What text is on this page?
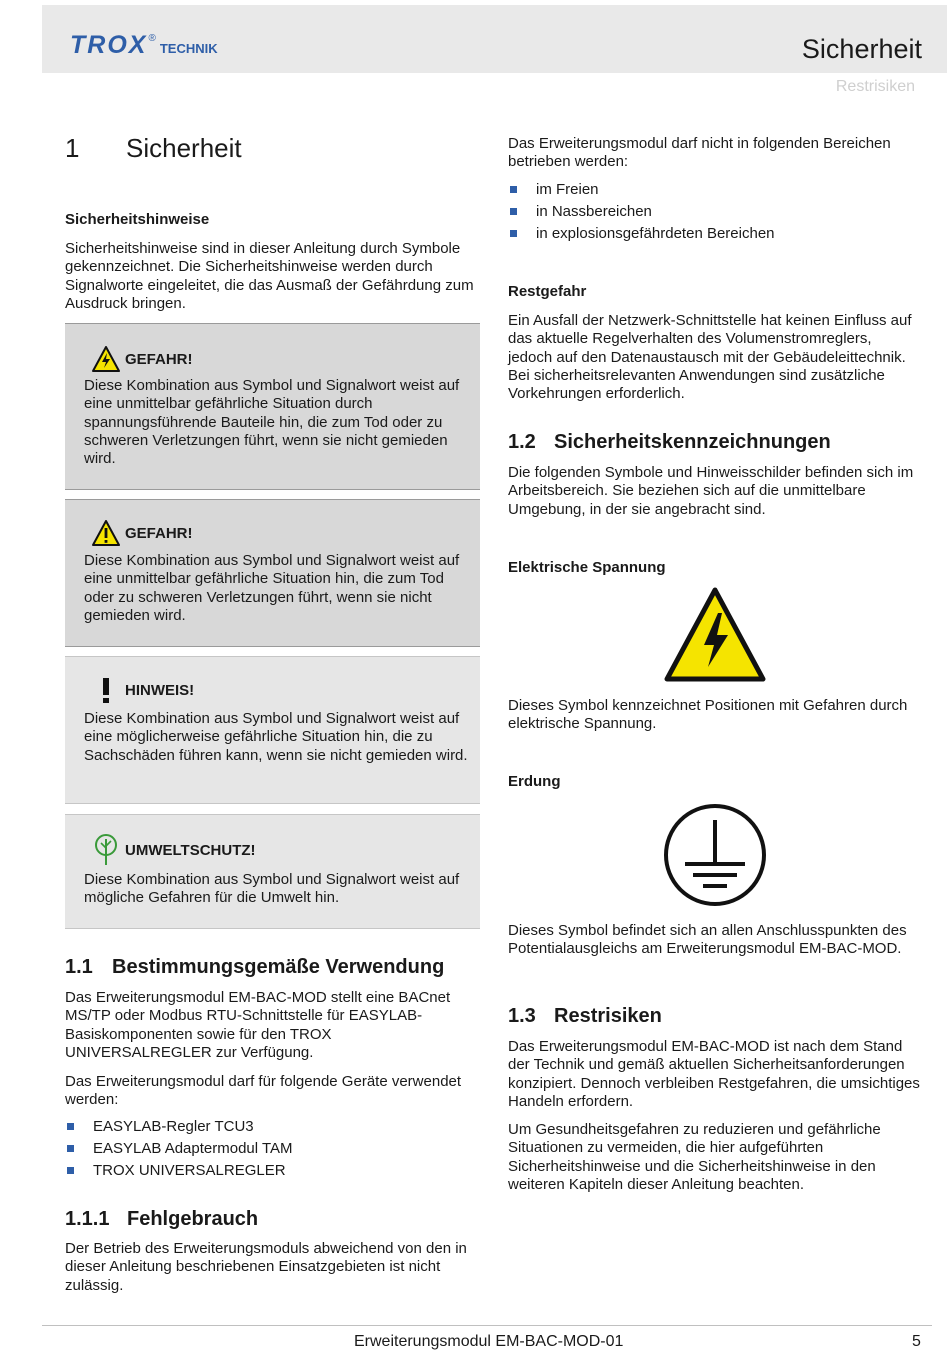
TROX ®
TECHNIK	Sicherheit
Restrisiken
1 Sicherheit
Sicherheitshinweise

Sicherheitshinweise sind in dieser Anleitung durch Symbole gekennzeichnet. Die Sicherheitshinweise werden durch Signalworte eingeleitet, die das Ausmaß der Gefährdung zum Ausdruck bringen.

GEFAHR!
Diese Kombination aus Symbol und Signalwort weist auf eine unmittelbar gefährliche Situation durch spannungsführende Bauteile hin, die zum Tod oder zu schweren Verletzungen führt, wenn sie nicht gemieden wird.
GEFAHR!
Diese Kombination aus Symbol und Signalwort weist auf eine unmittelbar gefährliche Situation hin, die zum Tod oder zu schweren Verletzungen führt, wenn sie nicht gemieden wird.
HINWEIS!
Diese Kombination aus Symbol und Signalwort weist auf eine möglicherweise gefährliche Situation hin, die zu Sachschäden führen kann, wenn sie nicht gemieden wird.
UMWELTSCHUTZ!
Diese Kombination aus Symbol und Signalwort weist auf mögliche Gefahren für die Umwelt hin.
1.1 Bestimmungsgemäße Verwendung

Das Erweiterungsmodul EM-BAC-MOD stellt eine BACnet MS/TP oder Modbus RTU-Schnittstelle für EASYLAB-Basiskomponenten sowie für den TROX UNIVERSALREGLER zur Verfügung.

Das Erweiterungsmodul darf für folgende Geräte verwendet werden:

EASYLAB-Regler TCU3
EASYLAB Adaptermodul TAM
TROX UNIVERSALREGLER
1.1.1 Fehlgebrauch

Der Betrieb des Erweiterungsmoduls abweichend von den in dieser Anleitung beschriebenen Einsatzgebieten ist nicht zulässig.

Das Erweiterungsmodul darf nicht in folgenden Bereichen betrieben werden:

im Freien
in Nassbereichen
in explosionsgefährdeten Bereichen
Restgefahr

Ein Ausfall der Netzwerk-Schnittstelle hat keinen Einfluss auf das aktuelle Regelverhalten des Volumenstromreglers, jedoch auf den Datenaustausch mit der Gebäudeleittechnik. Bei sicherheitsrelevanten Anwendungen sind zusätzliche Vorkehrungen erforderlich.

1.2 Sicherheitskennzeichnungen

Die folgenden Symbole und Hinweisschilder befinden sich im Arbeitsbereich. Sie beziehen sich auf die unmittelbare Umgebung, in der sie angebracht sind.

Elektrische Spannung

Dieses Symbol kennzeichnet Positionen mit Gefahren durch elektrische Spannung.

Erdung

Dieses Symbol befindet sich an allen Anschlusspunkten des Potentialausgleichs am Erweiterungsmodul EM-BAC-MOD.

1.3 Restrisiken

Das Erweiterungsmodul EM-BAC-MOD ist nach dem Stand der Technik und gemäß aktuellen Sicherheitsanforderungen konzipiert. Dennoch verbleiben Restgefahren, die umsichtiges Handeln erfordern.

Um Gesundheitsgefahren zu reduzieren und gefährliche Situationen zu vermeiden, die hier aufgeführten Sicherheitshinweise und die Sicherheitshinweise in den weiteren Kapiteln dieser Anleitung beachten.

Erweiterungsmodul EM-BAC-MOD-01	5
